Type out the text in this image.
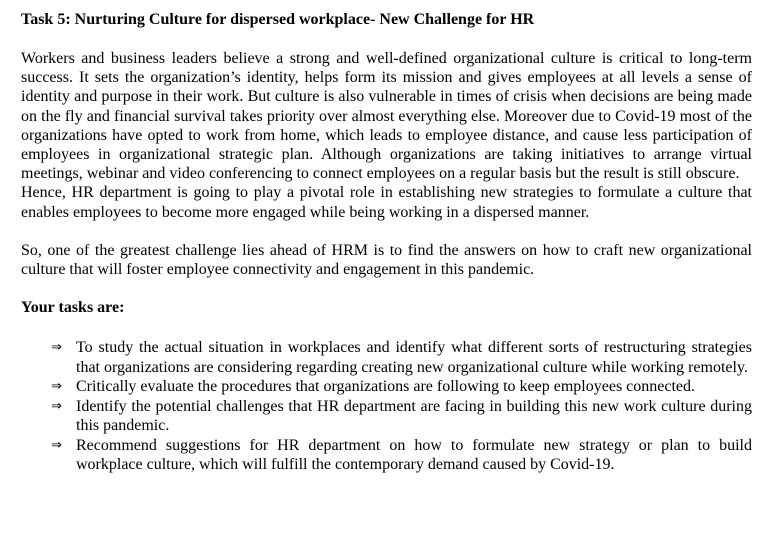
Task 5: Nurturing Culture for dispersed workplace- New Challenge for HR

Workers and business leaders believe a strong and well-defined organizational culture is critical to long-term success. It sets the organization’s identity, helps form its mission and gives employees at all levels a sense of identity and purpose in their work. But culture is also vulnerable in times of crisis when decisions are being made on the fly and financial survival takes priority over almost everything else. Moreover due to Covid-19 most of the organizations have opted to work from home, which leads to employee distance, and cause less participation of employees in organizational strategic plan. Although organizations are taking initiatives to arrange virtual meetings, webinar and video conferencing to connect employees on a regular basis but the result is still obscure.

Hence, HR department is going to play a pivotal role in establishing new strategies to formulate a culture that enables employees to become more engaged while being working in a dispersed manner.

So, one of the greatest challenge lies ahead of HRM is to find the answers on how to craft new organizational culture that will foster employee connectivity and engagement in this pandemic.

Your tasks are:
⇒ To study the actual situation in workplaces and identify what different sorts of restructuring strategies that organizations are considering regarding creating new organizational culture while working remotely.
⇒ Critically evaluate the procedures that organizations are following to keep employees connected.
⇒ Identify the potential challenges that HR department are facing in building this new work culture during this pandemic.
⇒ Recommend suggestions for HR department on how to formulate new strategy or plan to build workplace culture, which will fulfill the contemporary demand caused by Covid-19.
